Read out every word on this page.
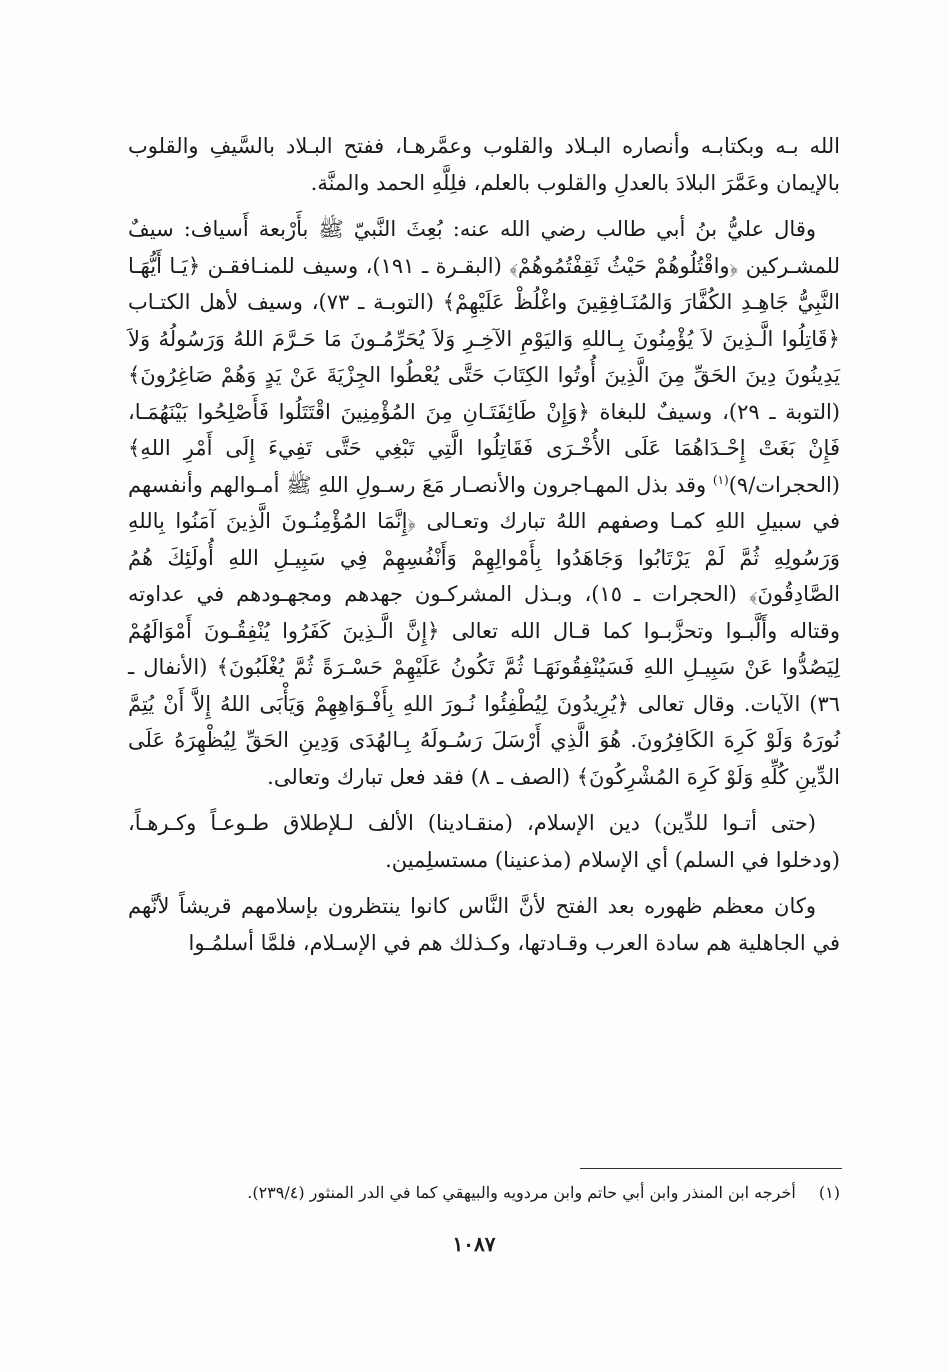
الله بـه وبكتابـه وأنصاره البـلاد والقلوب وعمَّرهـا، ففتح البـلاد بالسَّيفِ والقلوب بالإيمان وعَمَّرَ البلادَ بالعدلِ والقلوب بالعلم، فلِلَّهِ الحمد والمنَّة.

وقال عليُّ بنُ أبي طالب رضي الله عنه: بُعِثَ النَّبيّ ﷺ بأَرْبعة أَسياف: سيفٌ للمشـركين ﴿واقْتُلُوهُمْ حَيْثُ ثَقِفْتُمُوهُمْ﴾ (البقـرة ـ ١٩١)، وسيف للمنـافقـن ﴿يَـا أَيُّهَـا النَّبِيُّ جَاهِـدِ الكُفَّارَ وَالمُنَـافِقِينَ واغْلُظْ عَلَيْهِمْ﴾ (التوبـة ـ ٧٣)، وسيف لأهل الكتـاب ﴿قَاتِلُوا الَّـذِينَ لاَ يُؤْمِنُونَ بِـاللهِ وَاليَوْمِ الآخِـرِ وَلاَ يُحَرِّمُـونَ مَا حَـرَّمَ اللهُ وَرَسُولُهُ وَلاَ يَدِينُونَ دِينَ الحَقِّ مِنَ الَّذِينَ أُوتُوا الكِتَابَ حَتَّى يُعْطُوا الجِزْيَةَ عَنْ يَدٍ وَهُمْ صَاغِرُونَ﴾ (التوبة ـ ٢٩)، وسيفٌ للبغاة ﴿وَإِنْ طَائِفَتَـانِ مِنَ المُؤْمِنِينَ اقْتَتَلُوا فَأَصْلِحُوا بَيْنَهُمَـا، فَإِنْ بَغَتْ إِحْـدَاهُمَا عَلَى الأُخْـرَى فَقَاتِلُوا الَّتِي تَبْغِي حَتَّى تَفِيءَ إِلَى أَمْرِ اللهِ﴾ (الحجرات/٩)$^{(١)}$ وقد بذل المهـاجرون والأنصـار مَعَ رسـولِ اللهِ ﷺ أمـوالهم وأنفسهم في سبيلِ اللهِ كمـا وصفهم اللهُ تبارك وتعـالى ﴿إِنَّمَا المُؤْمِنُـونَ الَّذِينَ آمَنُوا بِاللهِ وَرَسُولِهِ ثُمَّ لَمْ يَرْتَابُوا وَجَاهَدُوا بِأَمْوالِهِمْ وَأَنْفُسِهِمْ فِي سَبِيـلِ اللهِ أُولَئِكَ هُمُ الصَّادِقُونَ﴾ (الحجرات ـ ١٥)، وبـذل المشركـون جهدهم ومجهـودهم في عداوته وقتاله وأَلَّبـوا وتحزَّبـوا كما قـال الله تعالى ﴿إِنَّ الَّـذِينَ كَفَرُوا يُنْفِقُـونَ أَمْوَالَهُمْ لِيَصُدُّوا عَنْ سَبِيـلِ اللهِ فَسَيُنْفِقُونَهَـا ثُمَّ تَكُونُ عَلَيْهِمْ حَسْـرَةً ثُمَّ يُغْلَبُونَ﴾ (الأنفال ـ ٣٦) الآيات. وقال تعالى ﴿يُرِيدُونَ لِيُطْفِئُوا نُـورَ اللهِ بِأَفْـوَاهِهِمْ وَيَأْبَى اللهُ إِلاَّ أَنْ يُتِمَّ نُورَهُ وَلَوْ كَرِهَ الكَافِرُونَ. هُوَ الَّذِي أَرْسَلَ رَسُـولَهُ بِـالهُدَى وَدِينِ الحَقِّ لِيُظْهِرَهُ عَلَى الدِّينِ كُلِّهِ وَلَوْ كَرِهَ المُشْرِكُونَ﴾ (الصف ـ ٨) فقد فعل تبارك وتعالى.

(حتى أتـوا للدِّين) دين الإسلام، (منقـادينا) الألف لـلإطلاق طـوعـاً وكـرهـاً، (ودخلوا في السلم) أي الإسلام (مذعنينا) مستسلِمين.

وكان معظم ظهوره بعد الفتح لأنَّ النَّاس كانوا ينتظرون بإسلامهم قريشاً لأنَّهم في الجاهلية هم سادة العرب وقـادتها، وكـذلك هم في الإسـلام، فلمَّا أسلمُـوا

(١) أخرجه ابن المنذر وابن أبي حاتم وابن مردويه والبيهقي كما في الدر المنثور (٢٣٩/٤).
١٠٨٧
